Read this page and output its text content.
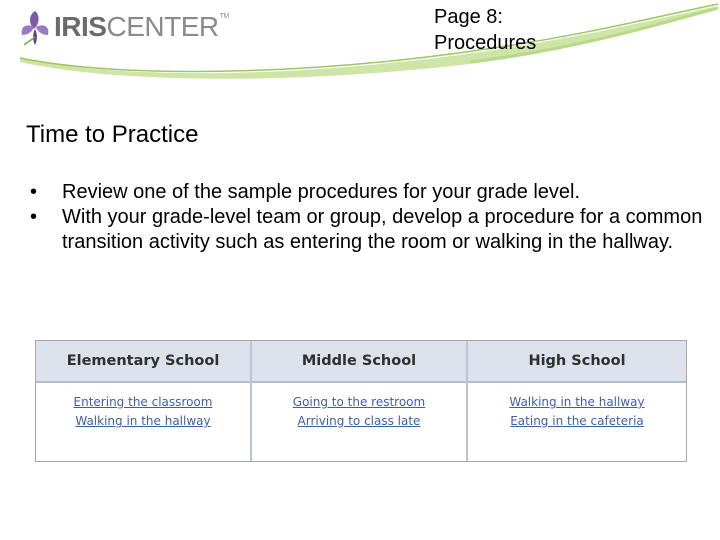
IRISCENTER™	Page 8:
Procedures
Time to Practice
• Review one of the sample procedures for your grade level.
• With your grade-level team or group, develop a procedure for a common transition activity such as entering the room or walking in the hallway.
Elementary School
Entering the classroom
Walking in the hallway
Middle School
Going to the restroom
Arriving to class late
High School
Walking in the hallway
Eating in the cafeteria
